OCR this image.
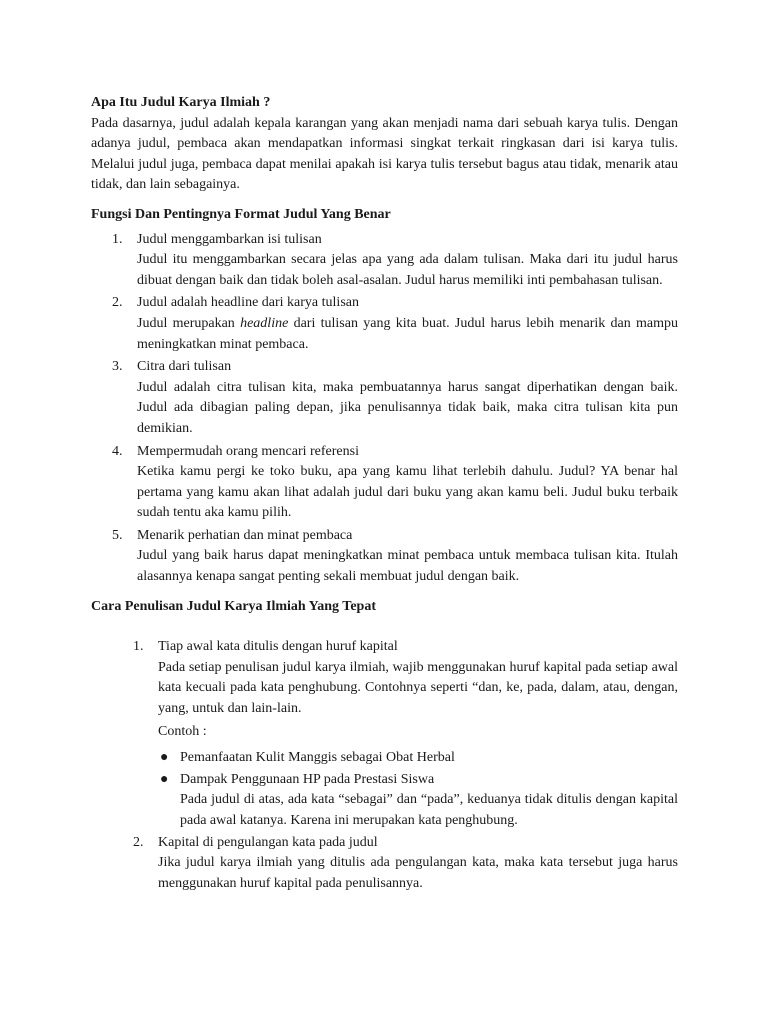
Apa Itu Judul Karya Ilmiah ?

Pada dasarnya, judul adalah kepala karangan yang akan menjadi nama dari sebuah karya tulis. Dengan adanya judul, pembaca akan mendapatkan informasi singkat terkait ringkasan dari isi karya tulis. Melalui judul juga, pembaca dapat menilai apakah isi karya tulis tersebut bagus atau tidak, menarik atau tidak, dan lain sebagainya.

Fungsi Dan Pentingnya Format Judul Yang Benar
1. Judul menggambarkan isi tulisan

Judul itu menggambarkan secara jelas apa yang ada dalam tulisan. Maka dari itu judul harus dibuat dengan baik dan tidak boleh asal-asalan. Judul harus memiliki inti pembahasan tulisan.

2. Judul adalah headline dari karya tulisan

Judul merupakan headline dari tulisan yang kita buat. Judul harus lebih menarik dan mampu meningkatkan minat pembaca.

3. Citra dari tulisan

Judul adalah citra tulisan kita, maka pembuatannya harus sangat diperhatikan dengan baik. Judul ada dibagian paling depan, jika penulisannya tidak baik, maka citra tulisan kita pun demikian.

4. Mempermudah orang mencari referensi

Ketika kamu pergi ke toko buku, apa yang kamu lihat terlebih dahulu. Judul? YA benar hal pertama yang kamu akan lihat adalah judul dari buku yang akan kamu beli. Judul buku terbaik sudah tentu aka kamu pilih.

5. Menarik perhatian dan minat pembaca

Judul yang baik harus dapat meningkatkan minat pembaca untuk membaca tulisan kita. Itulah alasannya kenapa sangat penting sekali membuat judul dengan baik.

Cara Penulisan Judul Karya Ilmiah Yang Tepat
1. Tiap awal kata ditulis dengan huruf kapital

Pada setiap penulisan judul karya ilmiah, wajib menggunakan huruf kapital pada setiap awal kata kecuali pada kata penghubung. Contohnya seperti “dan, ke, pada, dalam, atau, dengan, yang, untuk dan lain-lain.

Contoh :
● Pemanfaatan Kulit Manggis sebagai Obat Herbal
● Dampak Penggunaan HP pada Prestasi Siswa

Pada judul di atas, ada kata “sebagai” dan “pada”, keduanya tidak ditulis dengan kapital pada awal katanya. Karena ini merupakan kata penghubung.

2. Kapital di pengulangan kata pada judul

Jika judul karya ilmiah yang ditulis ada pengulangan kata, maka kata tersebut juga harus menggunakan huruf kapital pada penulisannya.
